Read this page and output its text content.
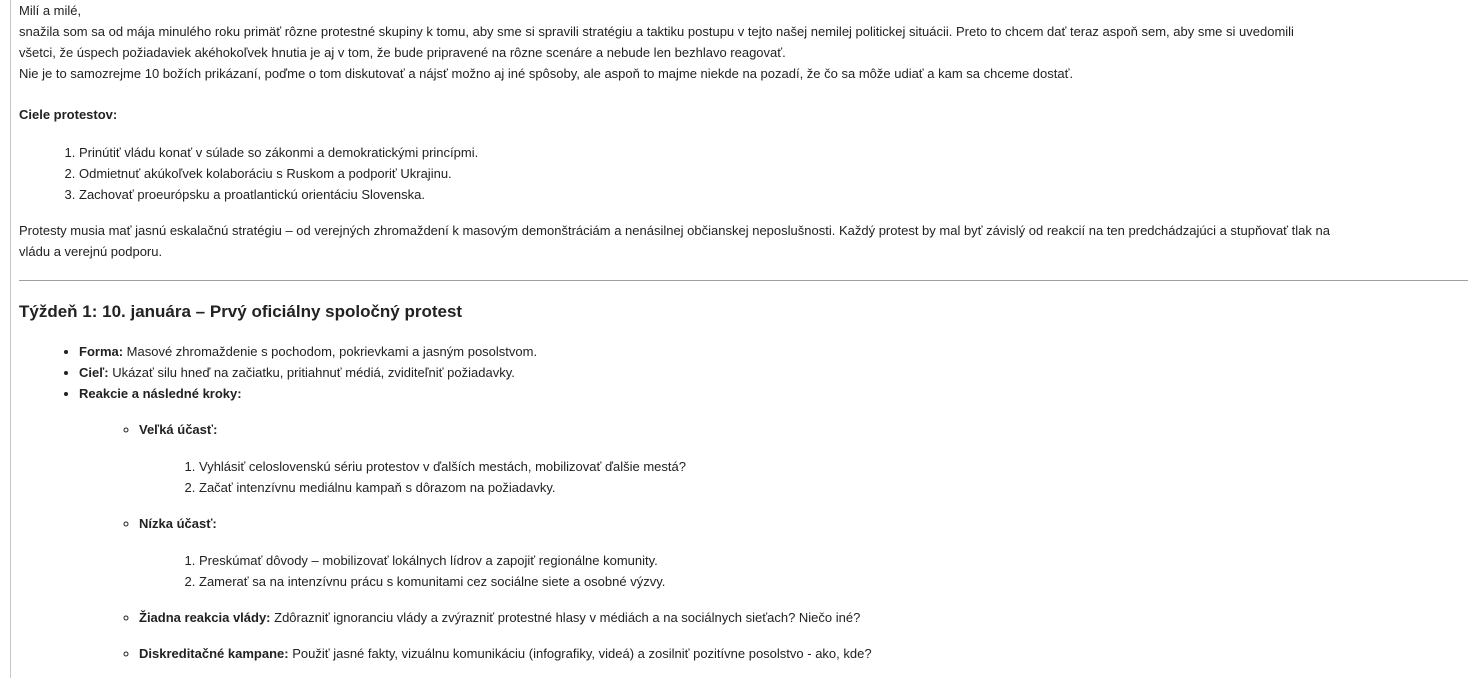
Milí a milé,
snažila som sa od mája minulého roku primäť rôzne protestné skupiny k tomu, aby sme si spravili stratégiu a taktiku postupu v tejto našej nemilej politickej situácii. Preto to chcem dať teraz aspoň sem, aby sme si uvedomili
všetci, že úspech požiadaviek akéhokoľvek hnutia je aj v tom, že bude pripravené na rôzne scenáre a nebude len bezhlavo reagovať.
Nie je to samozrejme 10 božích prikázaní, poďme o tom diskutovať a nájsť možno aj iné spôsoby, ale aspoň to majme niekde na pozadí, že čo sa môže udiať a kam sa chceme dostať.

Ciele protestov:

1. Prinútiť vládu konať v súlade so zákonmi a demokratickými princípmi.
2. Odmietnuť akúkoľvek kolaboráciu s Ruskom a podporiť Ukrajinu.
3. Zachovať proeurópsku a proatlantickú orientáciu Slovenska.

Protesty musia mať jasnú eskalačnú stratégiu – od verejných zhromaždení k masovým demonštráciám a nenásilnej občianskej neposlušnosti. Každý protest by mal byť závislý od reakcií na ten predchádzajúci a stupňovať tlak na
vládu a verejnú podporu.

Týždeň 1: 10. januára – Prvý oficiálny spoločný protest
• Forma: Masové zhromaždenie s pochodom, pokrievkami a jasným posolstvom.
• Cieľ: Ukázať silu hneď na začiatku, pritiahnuť médiá, zviditeľniť požiadavky.
• Reakcie a následné kroky:
◦ Veľká účasť:
1. Vyhlásiť celoslovenskú sériu protestov v ďalších mestách, mobilizovať ďalšie mestá?
2. Začať intenzívnu mediálnu kampaň s dôrazom na požiadavky.
◦ Nízka účasť:
1. Preskúmať dôvody – mobilizovať lokálnych lídrov a zapojiť regionálne komunity.
2. Zamerať sa na intenzívnu prácu s komunitami cez sociálne siete a osobné výzvy.
◦ Žiadna reakcia vlády: Zdôrazniť ignoranciu vlády a zvýrazniť protestné hlasy v médiách a na sociálnych sieťach? Niečo iné?
◦ Diskreditačné kampane: Použiť jasné fakty, vizuálnu komunikáciu (infografiky, videá) a zosilniť pozitívne posolstvo - ako, kde?
